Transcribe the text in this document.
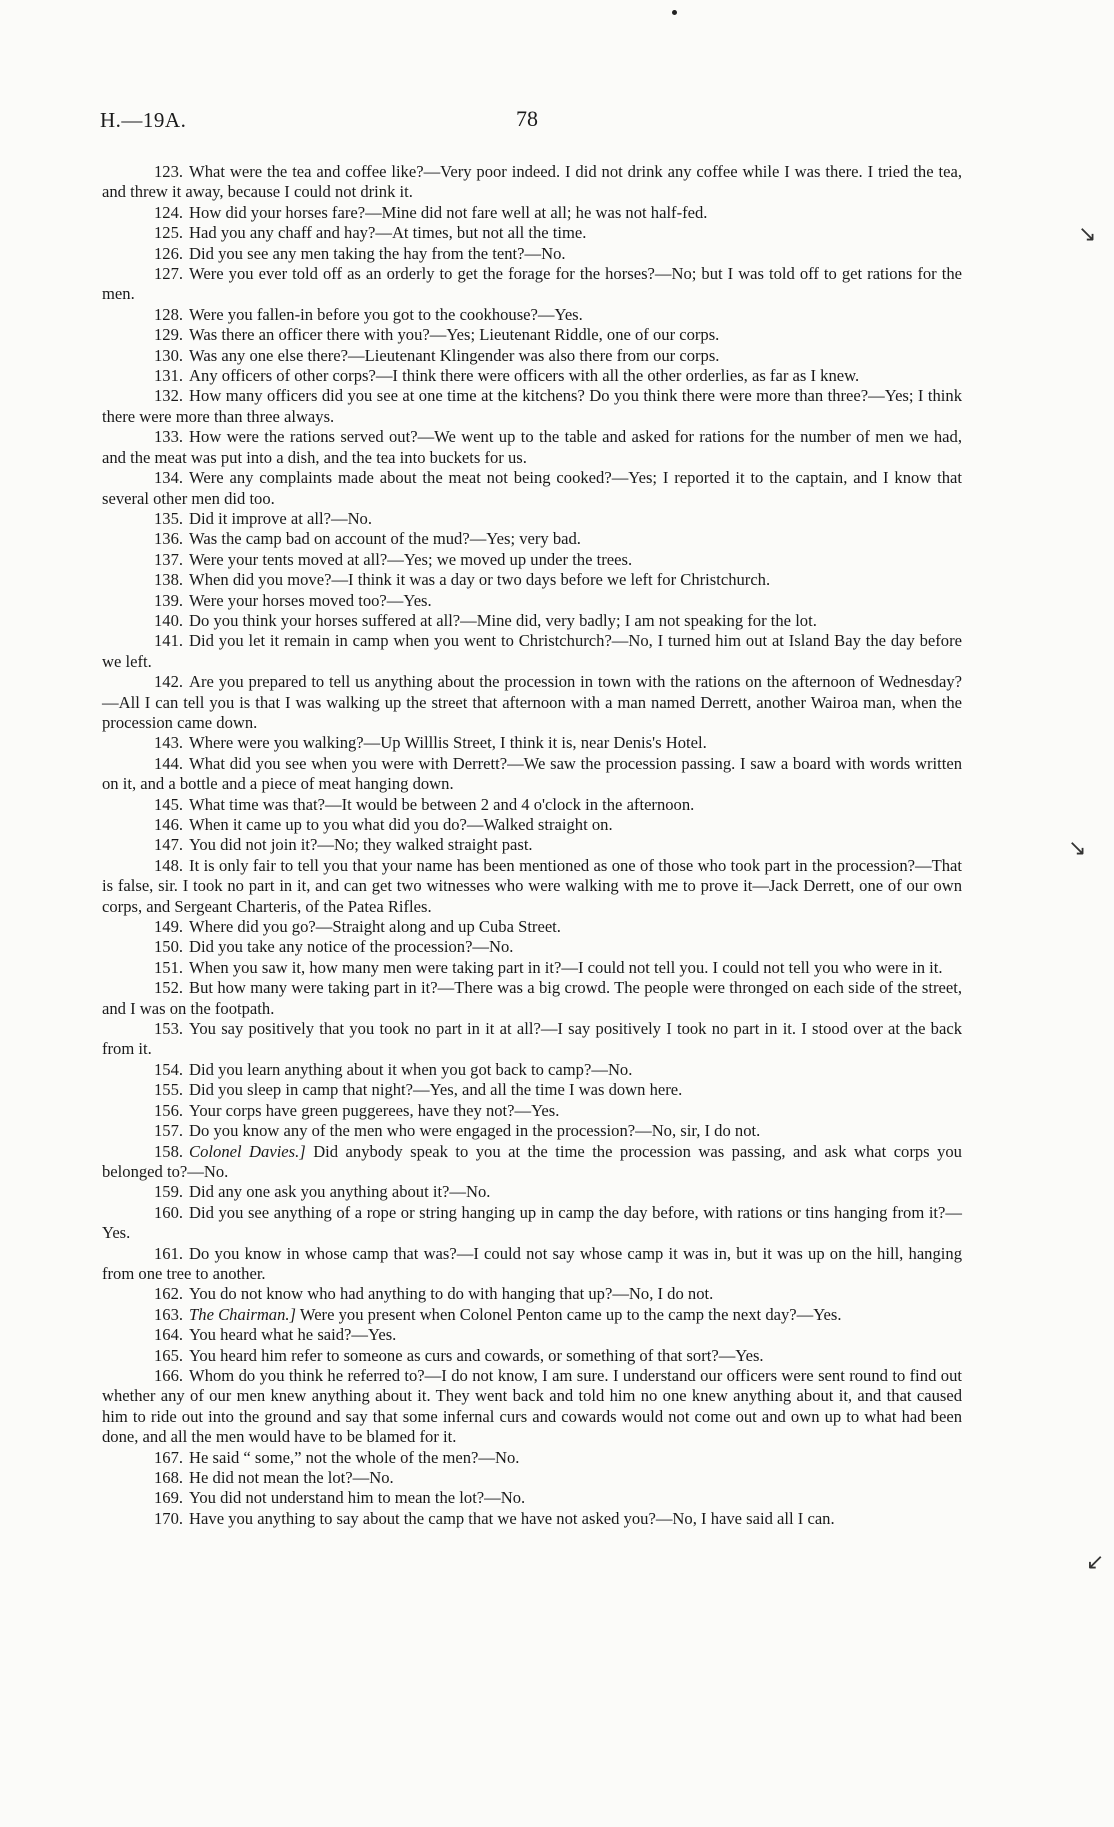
↘
↘
↙
H.—19A.	78

123. What were the tea and coffee like?—Very poor indeed. I did not drink any coffee while I was there. I tried the tea, and threw it away, because I could not drink it.

124. How did your horses fare?—Mine did not fare well at all; he was not half-fed.

125. Had you any chaff and hay?—At times, but not all the time.

126. Did you see any men taking the hay from the tent?—No.

127. Were you ever told off as an orderly to get the forage for the horses?—No; but I was told off to get rations for the men.

128. Were you fallen-in before you got to the cookhouse?—Yes.

129. Was there an officer there with you?—Yes; Lieutenant Riddle, one of our corps.

130. Was any one else there?—Lieutenant Klingender was also there from our corps.

131. Any officers of other corps?—I think there were officers with all the other orderlies, as far as I knew.

132. How many officers did you see at one time at the kitchens? Do you think there were more than three?—Yes; I think there were more than three always.

133. How were the rations served out?—We went up to the table and asked for rations for the number of men we had, and the meat was put into a dish, and the tea into buckets for us.

134. Were any complaints made about the meat not being cooked?—Yes; I reported it to the captain, and I know that several other men did too.

135. Did it improve at all?—No.

136. Was the camp bad on account of the mud?—Yes; very bad.

137. Were your tents moved at all?—Yes; we moved up under the trees.

138. When did you move?—I think it was a day or two days before we left for Christchurch.

139. Were your horses moved too?—Yes.

140. Do you think your horses suffered at all?—Mine did, very badly; I am not speaking for the lot.

141. Did you let it remain in camp when you went to Christchurch?—No, I turned him out at Island Bay the day before we left.

142. Are you prepared to tell us anything about the procession in town with the rations on the afternoon of Wednesday?—All I can tell you is that I was walking up the street that afternoon with a man named Derrett, another Wairoa man, when the procession came down.

143. Where were you walking?—Up Willlis Street, I think it is, near Denis's Hotel.

144. What did you see when you were with Derrett?—We saw the procession passing. I saw a board with words written on it, and a bottle and a piece of meat hanging down.

145. What time was that?—It would be between 2 and 4 o'clock in the afternoon.

146. When it came up to you what did you do?—Walked straight on.

147. You did not join it?—No; they walked straight past.

148. It is only fair to tell you that your name has been mentioned as one of those who took part in the procession?—That is false, sir. I took no part in it, and can get two witnesses who were walking with me to prove it—Jack Derrett, one of our own corps, and Sergeant Charteris, of the Patea Rifles.

149. Where did you go?—Straight along and up Cuba Street.

150. Did you take any notice of the procession?—No.

151. When you saw it, how many men were taking part in it?—I could not tell you. I could not tell you who were in it.

152. But how many were taking part in it?—There was a big crowd. The people were thronged on each side of the street, and I was on the footpath.

153. You say positively that you took no part in it at all?—I say positively I took no part in it. I stood over at the back from it.

154. Did you learn anything about it when you got back to camp?—No.

155. Did you sleep in camp that night?—Yes, and all the time I was down here.

156. Your corps have green puggerees, have they not?—Yes.

157. Do you know any of the men who were engaged in the procession?—No, sir, I do not.

158. Colonel Davies.] Did anybody speak to you at the time the procession was passing, and ask what corps you belonged to?—No.

159. Did any one ask you anything about it?—No.

160. Did you see anything of a rope or string hanging up in camp the day before, with rations or tins hanging from it?—Yes.

161. Do you know in whose camp that was?—I could not say whose camp it was in, but it was up on the hill, hanging from one tree to another.

162. You do not know who had anything to do with hanging that up?—No, I do not.

163. The Chairman.] Were you present when Colonel Penton came up to the camp the next day?—Yes.

164. You heard what he said?—Yes.

165. You heard him refer to someone as curs and cowards, or something of that sort?—Yes.

166. Whom do you think he referred to?—I do not know, I am sure. I understand our officers were sent round to find out whether any of our men knew anything about it. They went back and told him no one knew anything about it, and that caused him to ride out into the ground and say that some infernal curs and cowards would not come out and own up to what had been done, and all the men would have to be blamed for it.

167. He said “ some,” not the whole of the men?—No.

168. He did not mean the lot?—No.

169. You did not understand him to mean the lot?—No.

170. Have you anything to say about the camp that we have not asked you?—No, I have said all I can.
